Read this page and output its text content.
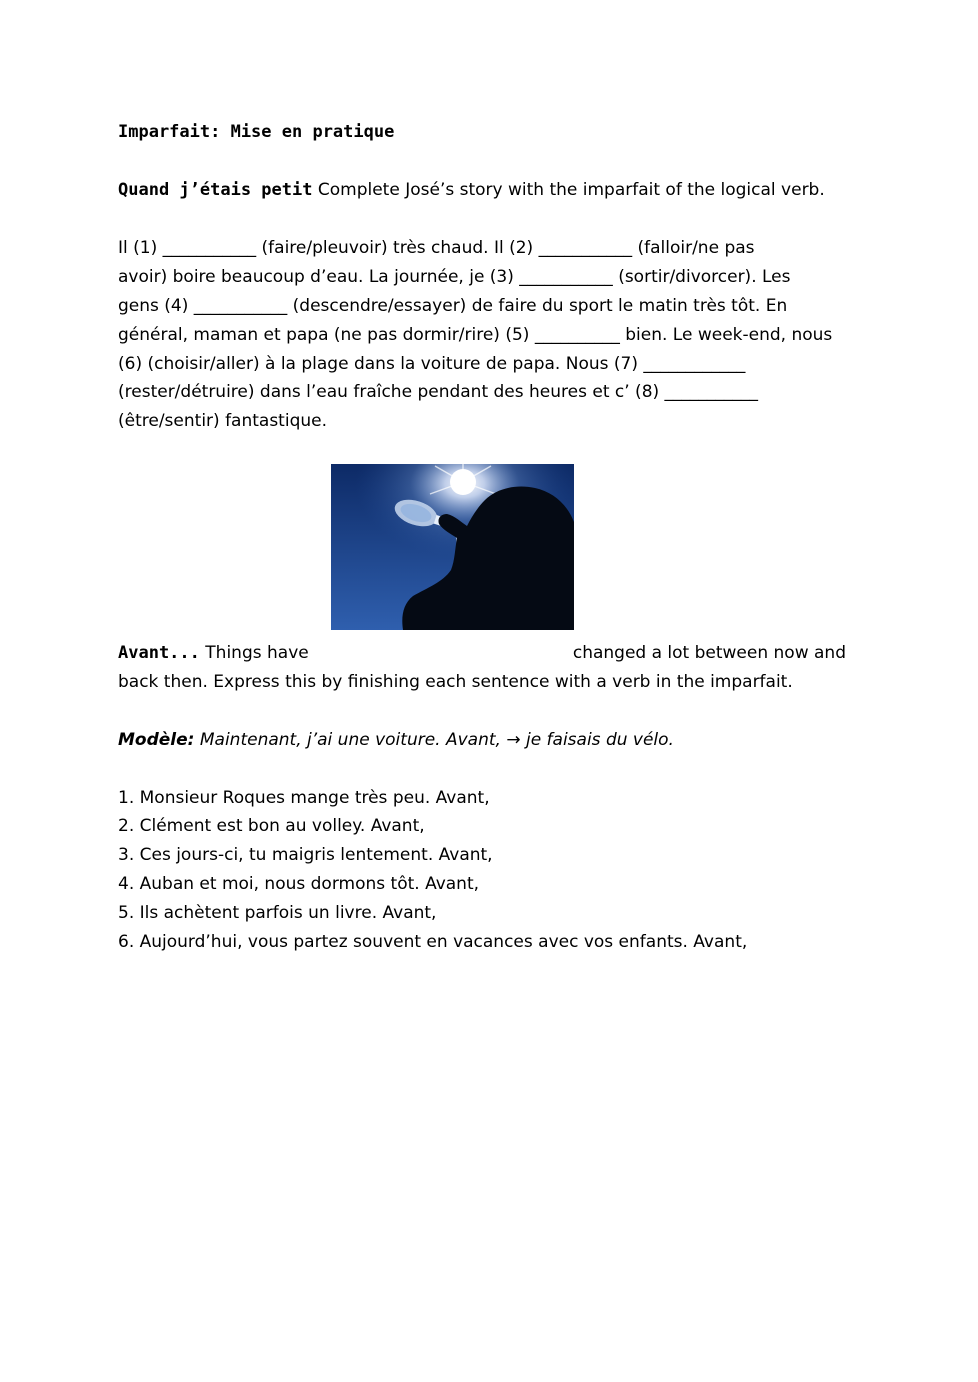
Imparfait: Mise en pratique
Quand j’étais petit Complete José’s story with the imparfait of the logical verb.
Il (1) ___________ (faire/pleuvoir) très chaud. Il (2) ___________ (falloir/ne pas
avoir) boire beaucoup d’eau. La journée, je (3) ___________ (sortir/divorcer). Les
gens (4) ___________ (descendre/essayer) de faire du sport le matin très tôt. En
général, maman et papa (ne pas dormir/rire) (5) __________ bien. Le week-end, nous
(6) (choisir/aller) à la plage dans la voiture de papa. Nous (7) ____________
(rester/détruire) dans l’eau fraîche pendant des heures et c’ (8) ___________
(être/sentir) fantastique.
Avant... Things have	changed a lot between now and
back then. Express this by finishing each sentence with a verb in the imparfait.
Modèle: Maintenant, j’ai une voiture. Avant, → je faisais du vélo.
1. Monsieur Roques mange très peu. Avant,
2. Clément est bon au volley. Avant,
3. Ces jours-ci, tu maigris lentement. Avant,
4. Auban et moi, nous dormons tôt. Avant,
5. Ils achètent parfois un livre. Avant,
6. Aujourd’hui, vous partez souvent en vacances avec vos enfants. Avant,
